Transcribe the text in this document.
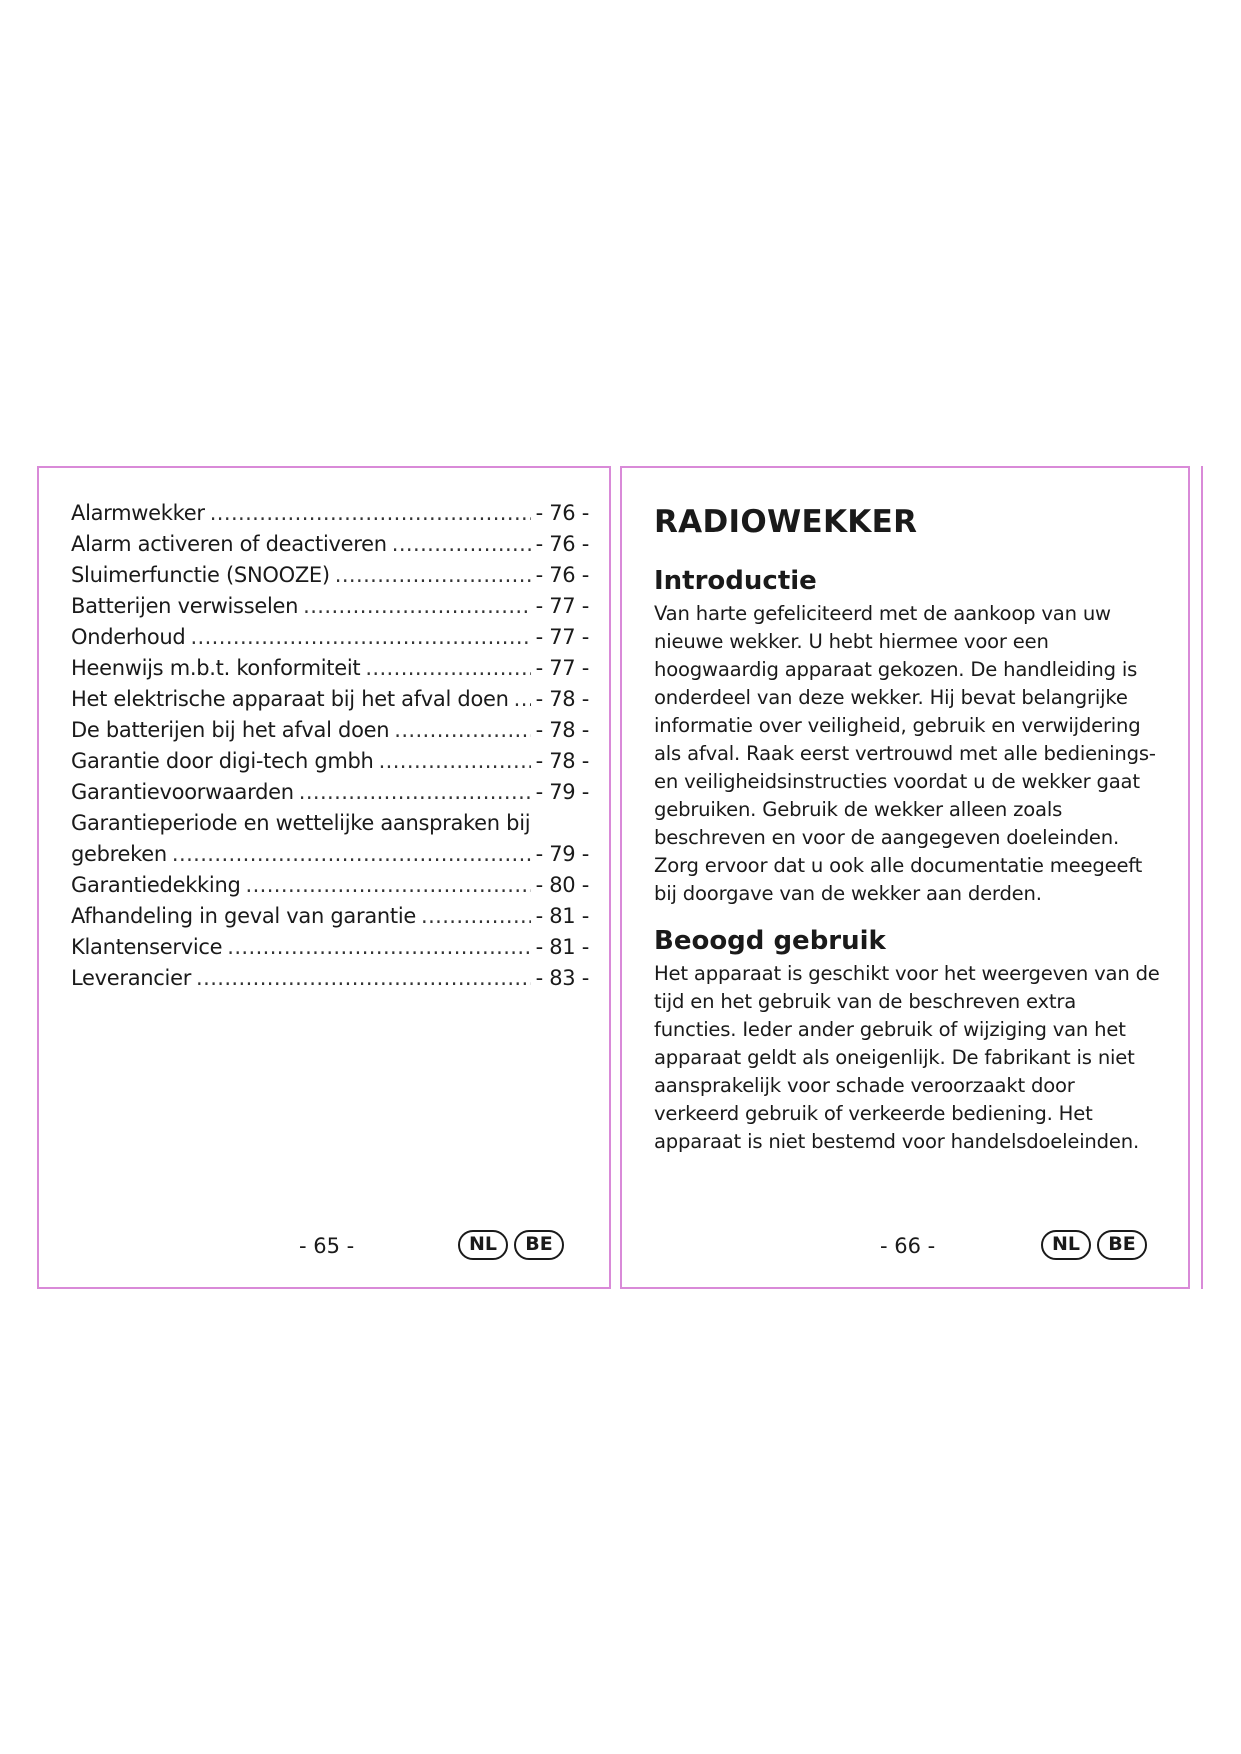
Alarmwekker .....	- 76 -
Alarm activeren of deactiveren .....	- 76 -
Sluimerfunctie (SNOOZE) .....	- 76 -
Batterijen verwisselen .....	- 77 -
Onderhoud .....	- 77 -
Heenwijs m.b.t. konformiteit .....	- 77 -
Het elektrische apparaat bij het afval doen ..... - 78 -
De batterijen bij het afval doen .....	- 78 -
Garantie door digi-tech gmbh .....	- 78 -
Garantievoorwaarden .....	- 79 -
Garantieperiode en wettelijke aanspraken bij
gebreken .....	- 79 -
Garantiedekking .....	- 80 -
Afhandeling in geval van garantie .....	- 81 -
Klantenservice .....	- 81 -
Leverancier .....	- 83 -
- 65 -	NL	BE
RADIOWEKKER
Introductie

Van harte gefeliciteerd met de aankoop van uw nieuwe wekker. U hebt hiermee voor een hoogwaardig apparaat gekozen. De handleiding is onderdeel van deze wekker. Hij bevat belangrijke informatie over veiligheid, gebruik en verwijdering als afval. Raak eerst vertrouwd met alle bedienings- en veiligheidsinstructies voordat u de wekker gaat gebruiken. Gebruik de wekker alleen zoals beschreven en voor de aangegeven doeleinden. Zorg ervoor dat u ook alle documentatie meegeeft bij doorgave van de wekker aan derden.

Beoogd gebruik

Het apparaat is geschikt voor het weergeven van de tijd en het gebruik van de beschreven extra functies. Ieder ander gebruik of wijziging van het apparaat geldt als oneigenlijk. De fabrikant is niet aansprakelijk voor schade veroorzaakt door verkeerd gebruik of verkeerde bediening. Het apparaat is niet bestemd voor handelsdoeleinden.

- 66 -	NL	BE
